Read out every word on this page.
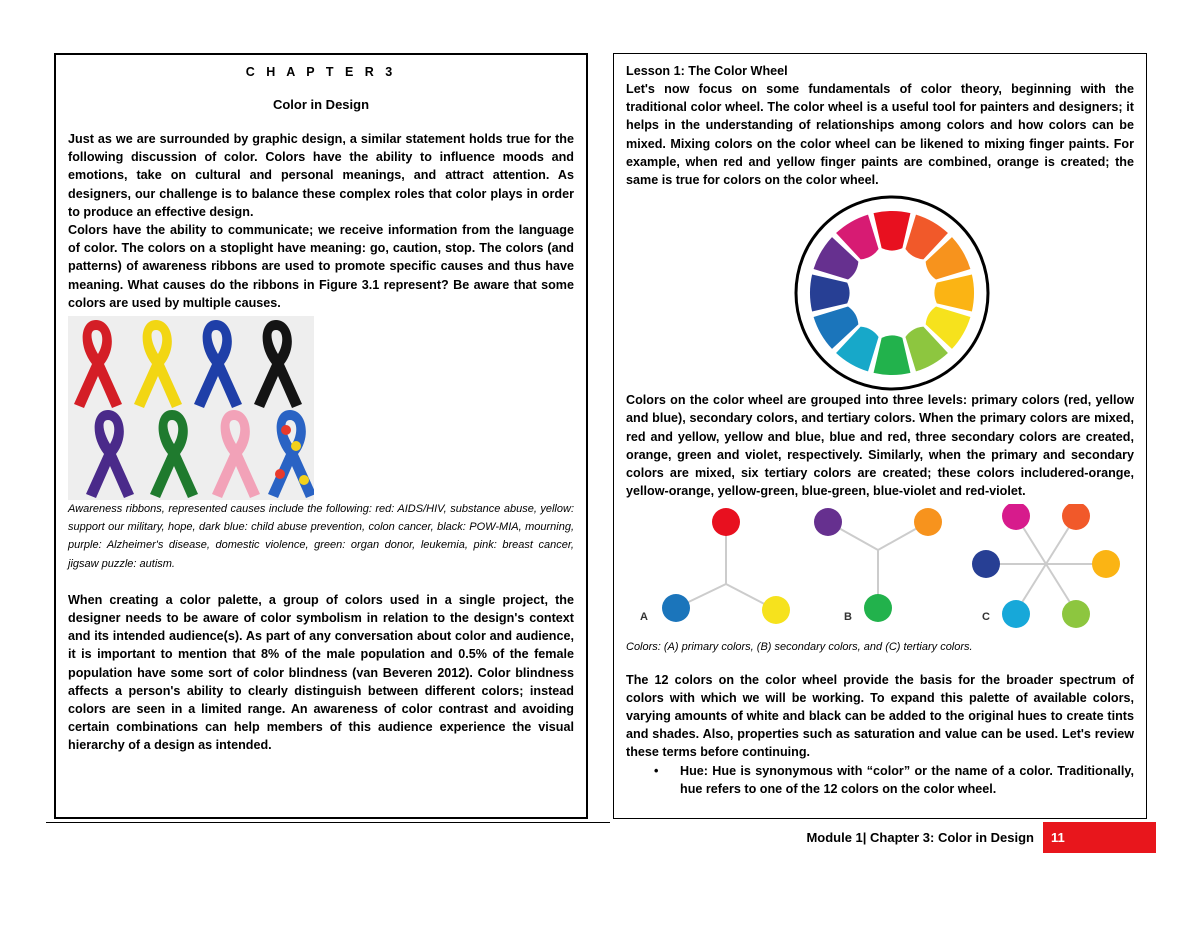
C H A P T E R 3
Color in Design

Just as we are surrounded by graphic design, a similar statement holds true for the following discussion of color. Colors have the ability to influence moods and emotions, take on cultural and personal meanings, and attract attention. As designers, our challenge is to balance these complex roles that color plays in order to produce an effective design.

Colors have the ability to communicate; we receive information from the language of color. The colors on a stoplight have meaning: go, caution, stop. The colors (and patterns) of awareness ribbons are used to promote specific causes and thus have meaning. What causes do the ribbons in Figure 3.1 represent? Be aware that some colors are used by multiple causes.

Awareness ribbons, represented causes include the following: red: AIDS/HIV, substance abuse, yellow: support our military, hope, dark blue: child abuse prevention, colon cancer, black: POW-MIA, mourning, purple: Alzheimer's disease, domestic violence, green: organ donor, leukemia, pink: breast cancer, jigsaw puzzle: autism.

When creating a color palette, a group of colors used in a single project, the designer needs to be aware of color symbolism in relation to the design's context and its intended audience(s). As part of any conversation about color and audience, it is important to mention that 8% of the male population and 0.5% of the female population have some sort of color blindness (van Beveren 2012). Color blindness affects a person's ability to clearly distinguish between different colors; instead colors are seen in a limited range. An awareness of color contrast and avoiding certain combinations can help members of this audience experience the visual hierarchy of a design as intended.

Lesson 1: The Color Wheel

Let's now focus on some fundamentals of color theory, beginning with the traditional color wheel. The color wheel is a useful tool for painters and designers; it helps in the understanding of relationships among colors and how colors can be mixed. Mixing colors on the color wheel can be likened to mixing finger paints. For example, when red and yellow finger paints are combined, orange is created; the same is true for colors on the color wheel.

Colors on the color wheel are grouped into three levels: primary colors (red, yellow and blue), secondary colors, and tertiary colors. When the primary colors are mixed, red and yellow, yellow and blue, blue and red, three secondary colors are created, orange, green and violet, respectively. Similarly, when the primary and secondary colors are mixed, six tertiary colors are created; these colors includered-orange, yellow-orange, yellow-green, blue-green, blue-violet and red-violet.

A	B	C

Colors: (A) primary colors, (B) secondary colors, and (C) tertiary colors.

The 12 colors on the color wheel provide the basis for the broader spectrum of colors with which we will be working. To expand this palette of available colors, varying amounts of white and black can be added to the original hues to create tints and shades. Also, properties such as saturation and value can be used. Let's review these terms before continuing.

• Hue: Hue is synonymous with “color” or the name of a color. Traditionally, hue refers to one of the 12 colors on the color wheel.
Module 1| Chapter 3: Color in Design	11
